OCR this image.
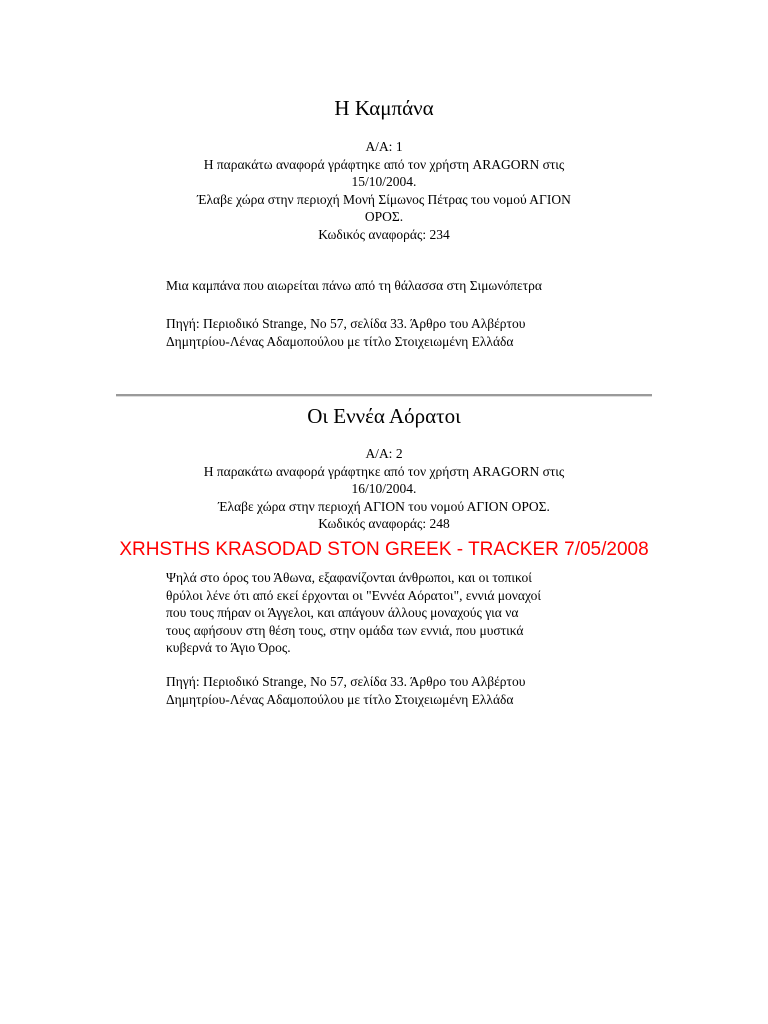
Η Καμπάνα
Α/Α: 1
Η παρακάτω αναφορά γράφτηκε από τον χρήστη ARAGORN στις
15/10/2004.
Έλαβε χώρα στην περιοχή Μονή Σίμωνος Πέτρας του νομού ΑΓΙΟΝ
ΟΡΟΣ.
Κωδικός αναφοράς: 234
Μια καμπάνα που αιωρείται πάνω από τη θάλασσα στη Σιμωνόπετρα
Πηγή: Περιοδικό Strange, No 57, σελίδα 33. Άρθρο του Αλβέρτου
Δημητρίου-Λένας Αδαμοπούλου με τίτλο Στοιχειωμένη Ελλάδα
Οι Εννέα Αόρατοι
Α/Α: 2
Η παρακάτω αναφορά γράφτηκε από τον χρήστη ARAGORN στις
16/10/2004.
Έλαβε χώρα στην περιοχή ΑΓΙΟΝ του νομού ΑΓΙΟΝ ΟΡΟΣ.
Κωδικός αναφοράς: 248
XRHSTHS KRASODAD STON GREEK - TRACKER 7/05/2008
Ψηλά στο όρος του Άθωνα, εξαφανίζονται άνθρωποι, και οι τοπικοί
θρύλοι λένε ότι από εκεί έρχονται οι "Εννέα Αόρατοι", εννιά μοναχοί
που τους πήραν οι Άγγελοι, και απάγουν άλλους μοναχούς για να
τους αφήσουν στη θέση τους, στην ομάδα των εννιά, που μυστικά
κυβερνά το Άγιο Όρος.
Πηγή: Περιοδικό Strange, No 57, σελίδα 33. Άρθρο του Αλβέρτου
Δημητρίου-Λένας Αδαμοπούλου με τίτλο Στοιχειωμένη Ελλάδα
